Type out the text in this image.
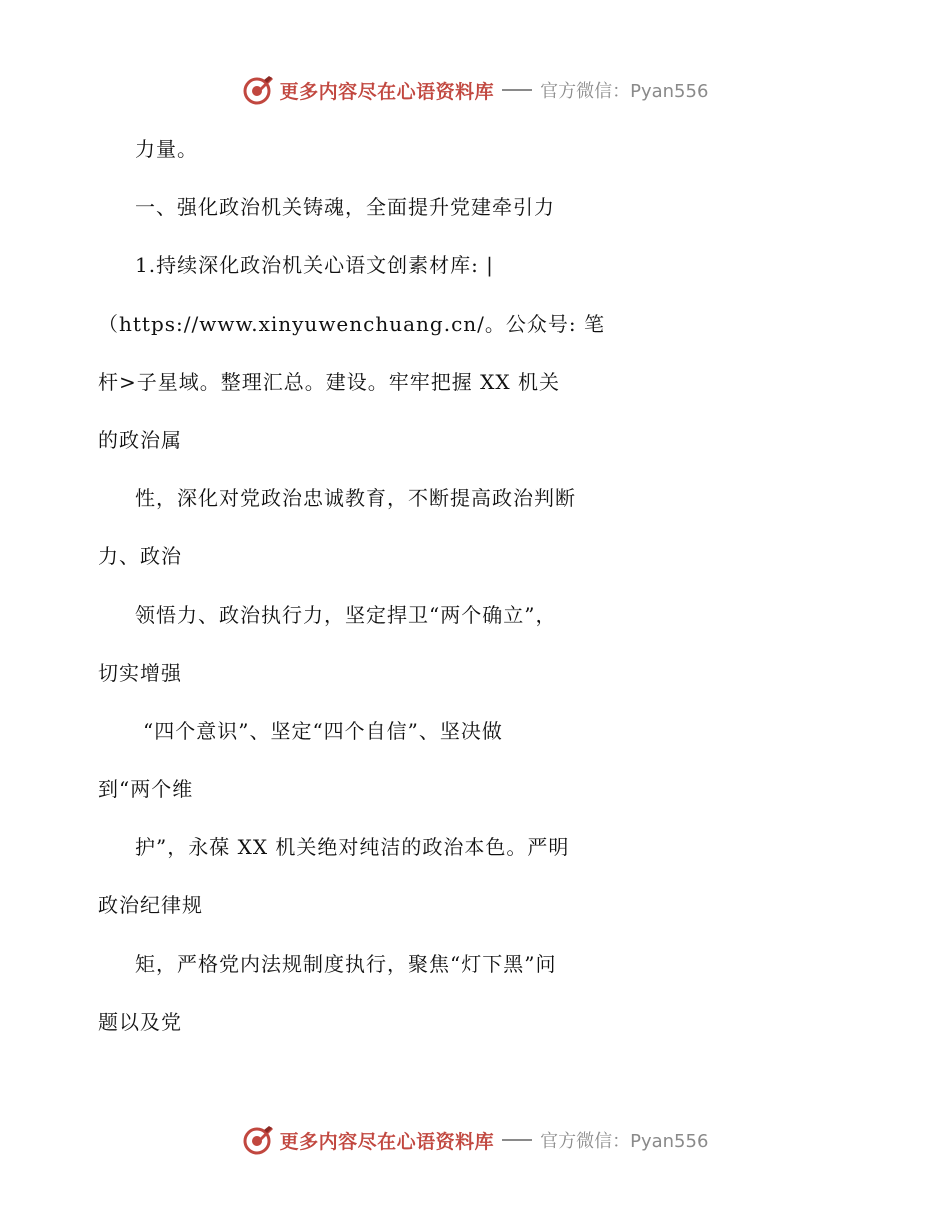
更多内容尽在心语资料库	官方微信：Pyan556
力量。
一、强化政治机关铸魂，全面提升党建牵引力
1.持续深化政治机关心语文创素材库: |
（https://www.xinyuwenchuang.cn/。公众号: 笔
杆>子星域。整理汇总。建设。牢牢把握 XX 机关
的政治属
性，深化对党政治忠诚教育，不断提高政治判断
力、政治
领悟力、政治执行力，坚定捍卫“两个确立”，
切实增强
“四个意识”、坚定“四个自信”、坚决做
到“两个维
护”，永葆 XX 机关绝对纯洁的政治本色。严明
政治纪律规
矩，严格党内法规制度执行，聚焦“灯下黑”问
题以及党
更多内容尽在心语资料库	官方微信：Pyan556
